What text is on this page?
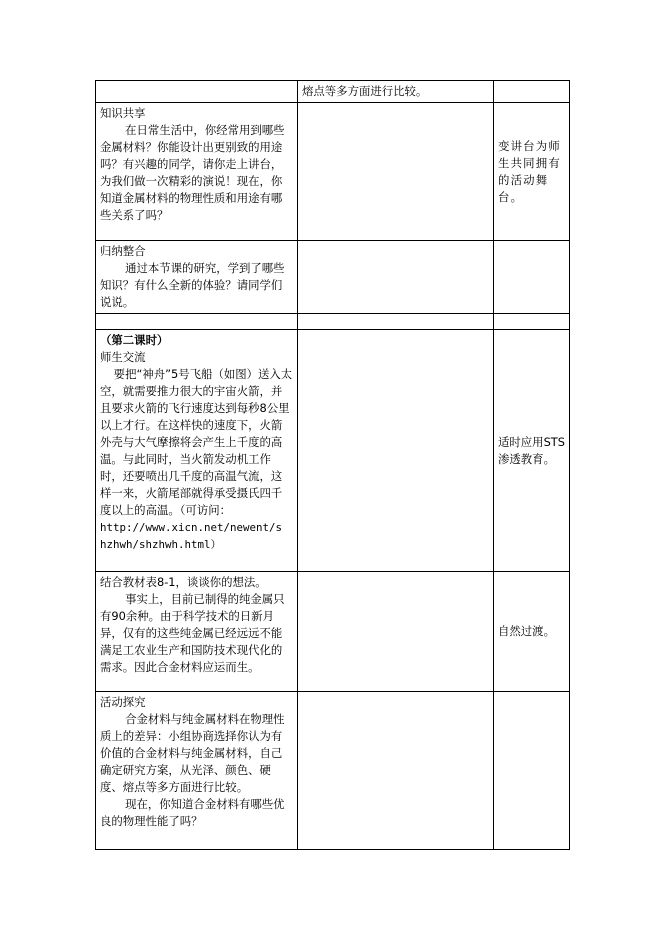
	熔点等多方面进行比较。	

知识共享

在日常生活中，你经常用到哪些金属材料？你能设计出更别致的用途吗？有兴趣的同学，请你走上讲台，为我们做一次精彩的演说！现在，你知道金属材料的物理性质和用途有哪些关系了吗？		变讲台为师生共同拥有的活动舞台。

归纳整合

通过本节课的研究，学到了哪些知识？有什么全新的体验？请同学们说说。		

（第二课时）

师生交流

要把“神舟”5号飞船（如图）送入太空，就需要推力很大的宇宙火箭，并且要求火箭的飞行速度达到每秒8公里以上才行。在这样快的速度下，火箭外壳与大气摩擦将会产生上千度的高温。与此同时，当火箭发动机工作时，还要喷出几千度的高温气流，这样一来，火箭尾部就得承受摄氏四千度以上的高温。（可访问：

http://www.xicn.net/newent/s

hzhwh/shzhwh.html）		适时应用STS渗透教育。

结合教材表8-1，谈谈你的想法。

事实上，目前已制得的纯金属只有90余种。由于科学技术的日新月异，仅有的这些纯金属已经远远不能满足工农业生产和国防技术现代化的需求。因此合金材料应运而生。		自然过渡。

活动探究

合金材料与纯金属材料在物理性质上的差异：小组协商选择你认为有价值的合金材料与纯金属材料，自己确定研究方案，从光泽、颜色、硬度、熔点等多方面进行比较。

现在，你知道合金材料有哪些优良的物理性能了吗？		
